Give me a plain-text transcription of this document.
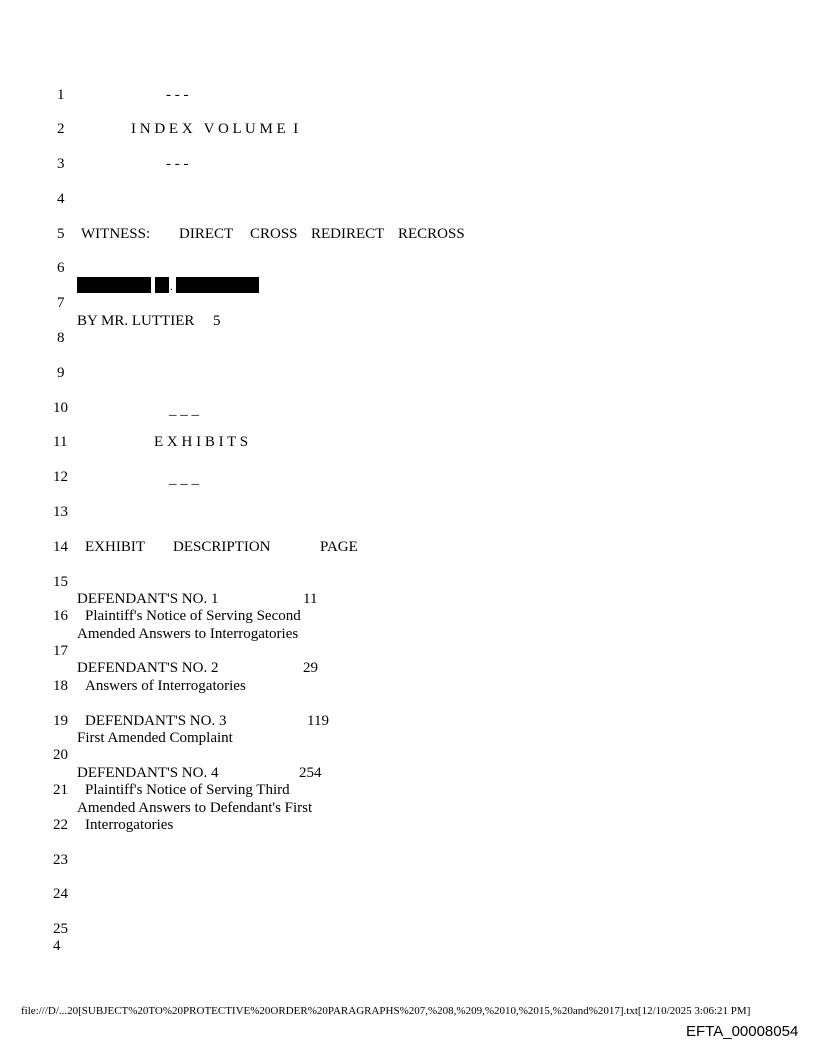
1
2
3
4
5
6
7
8
9
10
11
12
13
14
15
16
17
18
19
20
21
22
23
24
25
4
- - -
I N D E X   V O L U M E  I
- - -
WITNESS: DIRECT CROSS REDIRECT RECROSS
.
BY MR. LUTTIER 5
_ _ _
E X H I B I T S
_ _ _
EXHIBIT DESCRIPTION	PAGE
DEFENDANT'S NO. 1	11
Plaintiff's Notice of Serving Second
Amended Answers to Interrogatories
DEFENDANT'S NO. 2	29
Answers of Interrogatories
DEFENDANT'S NO. 3	119
First Amended Complaint
DEFENDANT'S NO. 4	254
Plaintiff's Notice of Serving Third
Amended Answers to Defendant's First
Interrogatories
file:///D/...20[SUBJECT%20TO%20PROTECTIVE%20ORDER%20PARAGRAPHS%207,%208,%209,%2010,%2015,%20and%2017].txt[12/10/2025 3:06:21 PM]
EFTA_00008054
